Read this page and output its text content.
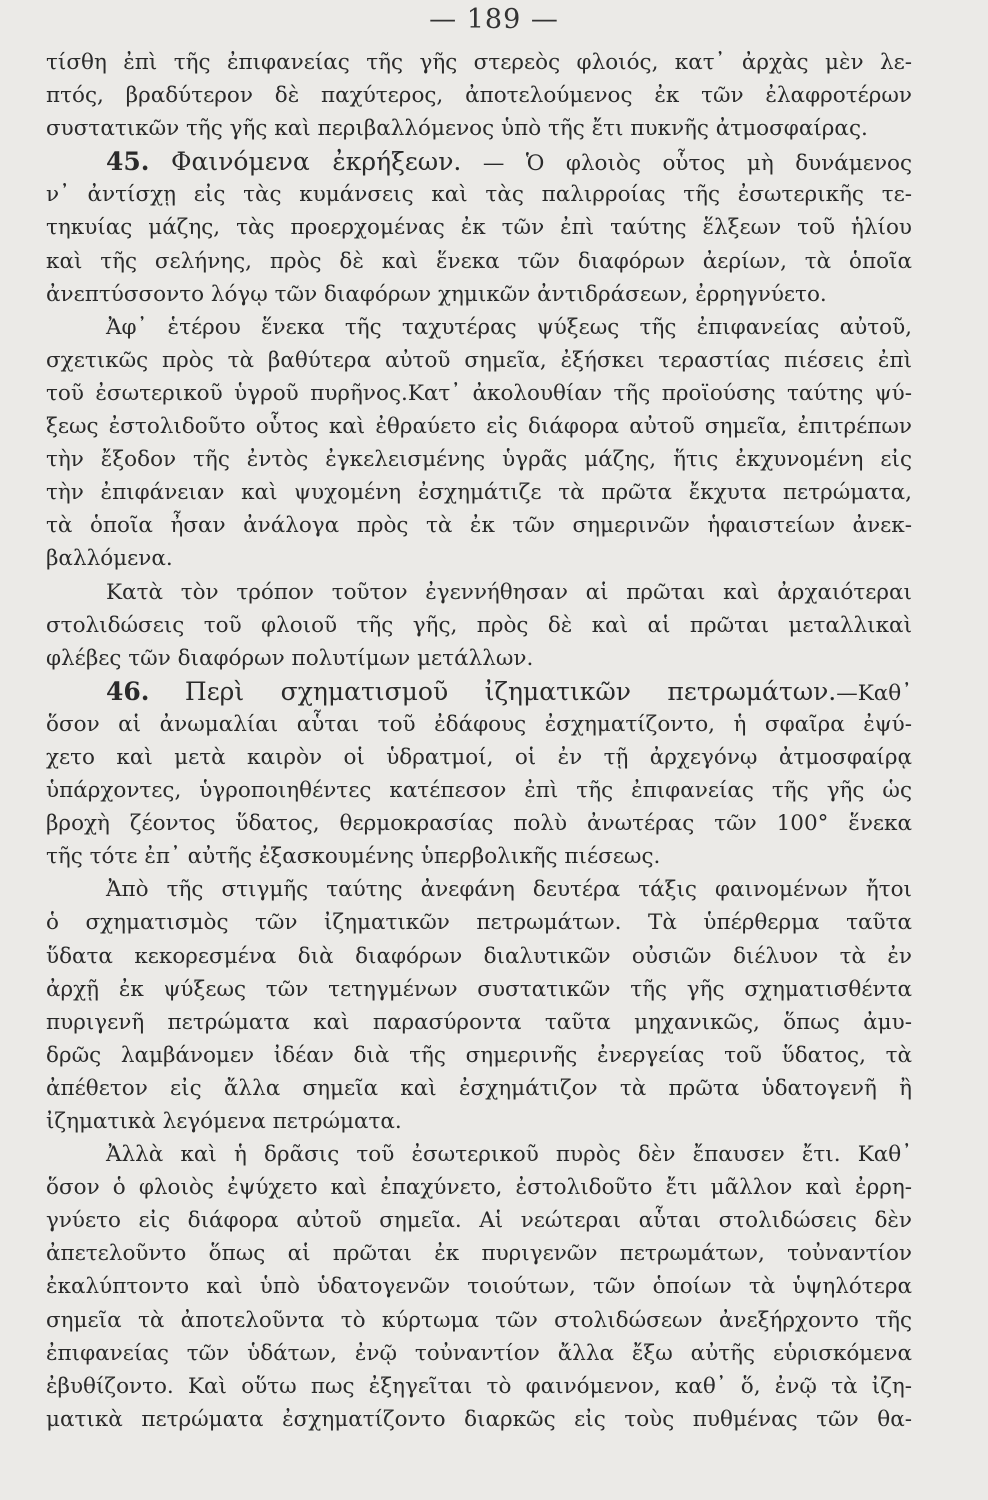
— 189 —
τίσθη ἐπὶ τῆς ἐπιφανείας τῆς γῆς στερεὸς φλοιός, κατ᾽ ἀρχὰς μὲν λε-
πτός, βραδύτερον δὲ παχύτερος, ἀποτελούμενος ἐκ τῶν ἐλαφροτέρων
συστατικῶν τῆς γῆς καὶ περιβαλλόμενος ὑπὸ τῆς ἔτι πυκνῆς ἀτμοσφαίρας.
45. Φαινόμενα ἐκρήξεων. — Ὁ φλοιὸς οὗτος μὴ δυνάμενος
ν᾽ ἀντίσχῃ εἰς τὰς κυμάνσεις καὶ τὰς παλιρροίας τῆς ἐσωτερικῆς τε-
τηκυίας μάζης, τὰς προερχομένας ἐκ τῶν ἐπὶ ταύτης ἕλξεων τοῦ ἡλίου
καὶ τῆς σελήνης, πρὸς δὲ καὶ ἕνεκα τῶν διαφόρων ἀερίων, τὰ ὁποῖα
ἀνεπτύσσοντο λόγῳ τῶν διαφόρων χημικῶν ἀντιδράσεων, ἐρρηγνύετο.
Ἀφ᾽ ἑτέρου ἕνεκα τῆς ταχυτέρας ψύξεως τῆς ἐπιφανείας αὐτοῦ,
σχετικῶς πρὸς τὰ βαθύτερα αὐτοῦ σημεῖα, ἐξήσκει τεραστίας πιέσεις ἐπὶ
τοῦ ἐσωτερικοῦ ὑγροῦ πυρῆνος.Κατ᾽ ἀκολουθίαν τῆς προϊούσης ταύτης ψύ-
ξεως ἐστολιδοῦτο οὗτος καὶ ἐθραύετο εἰς διάφορα αὐτοῦ σημεῖα, ἐπιτρέπων
τὴν ἔξοδον τῆς ἐντὸς ἐγκελεισμένης ὑγρᾶς μάζης, ἥτις ἐκχυνομένη εἰς
τὴν ἐπιφάνειαν καὶ ψυχομένη ἐσχημάτιζε τὰ πρῶτα ἔκχυτα πετρώματα,
τὰ ὁποῖα ἦσαν ἀνάλογα πρὸς τὰ ἐκ τῶν σημερινῶν ἡφαιστείων ἀνεκ-
βαλλόμενα.
Κατὰ τὸν τρόπον τοῦτον ἐγεννήθησαν αἱ πρῶται καὶ ἀρχαιότεραι
στολιδώσεις τοῦ φλοιοῦ τῆς γῆς, πρὸς δὲ καὶ αἱ πρῶται μεταλλικαὶ
φλέβες τῶν διαφόρων πολυτίμων μετάλλων.
46. Περὶ σχηματισμοῦ ἰζηματικῶν πετρωμάτων.—Καθ᾽
ὅσον αἱ ἀνωμαλίαι αὗται τοῦ ἐδάφους ἐσχηματίζοντο, ἡ σφαῖρα ἐψύ-
χετο καὶ μετὰ καιρὸν οἱ ὑδρατμοί, οἱ ἐν τῇ ἀρχεγόνῳ ἀτμοσφαίρᾳ
ὑπάρχοντες, ὑγροποιηθέντες κατέπεσον ἐπὶ τῆς ἐπιφανείας τῆς γῆς ὡς
βροχὴ ζέοντος ὕδατος, θερμοκρασίας πολὺ ἀνωτέρας τῶν 100° ἕνεκα
τῆς τότε ἐπ᾽ αὐτῆς ἐξασκουμένης ὑπερβολικῆς πιέσεως.
Ἀπὸ τῆς στιγμῆς ταύτης ἀνεφάνη δευτέρα τάξις φαινομένων ἤτοι
ὁ σχηματισμὸς τῶν ἰζηματικῶν πετρωμάτων. Τὰ ὑπέρθερμα ταῦτα
ὕδατα κεκορεσμένα διὰ διαφόρων διαλυτικῶν οὐσιῶν διέλυον τὰ ἐν
ἀρχῇ ἐκ ψύξεως τῶν τετηγμένων συστατικῶν τῆς γῆς σχηματισθέντα
πυριγενῆ πετρώματα καὶ παρασύροντα ταῦτα μηχανικῶς, ὅπως ἀμυ-
δρῶς λαμβάνομεν ἰδέαν διὰ τῆς σημερινῆς ἐνεργείας τοῦ ὕδατος, τὰ
ἀπέθετον εἰς ἄλλα σημεῖα καὶ ἐσχημάτιζον τὰ πρῶτα ὑδατογενῆ ἢ
ἰζηματικὰ λεγόμενα πετρώματα.
Ἀλλὰ καὶ ἡ δρᾶσις τοῦ ἐσωτερικοῦ πυρὸς δὲν ἔπαυσεν ἔτι. Καθ᾽
ὅσον ὁ φλοιὸς ἐψύχετο καὶ ἐπαχύνετο, ἐστολιδοῦτο ἔτι μᾶλλον καὶ ἐρρη-
γνύετο εἰς διάφορα αὐτοῦ σημεῖα. Αἱ νεώτεραι αὗται στολιδώσεις δὲν
ἀπετελοῦντο ὅπως αἱ πρῶται ἐκ πυριγενῶν πετρωμάτων, τοὐναντίον
ἐκαλύπτοντο καὶ ὑπὸ ὑδατογενῶν τοιούτων, τῶν ὁποίων τὰ ὑψηλότερα
σημεῖα τὰ ἀποτελοῦντα τὸ κύρτωμα τῶν στολιδώσεων ἀνεξήρχοντο τῆς
ἐπιφανείας τῶν ὑδάτων, ἐνῷ τοὐναντίον ἄλλα ἔξω αὐτῆς εὑρισκόμενα
ἐβυθίζοντο. Καὶ οὕτω πως ἐξηγεῖται τὸ φαινόμενον, καθ᾽ ὅ, ἐνῷ τὰ ἰζη-
ματικὰ πετρώματα ἐσχηματίζοντο διαρκῶς εἰς τοὺς πυθμένας τῶν θα-
